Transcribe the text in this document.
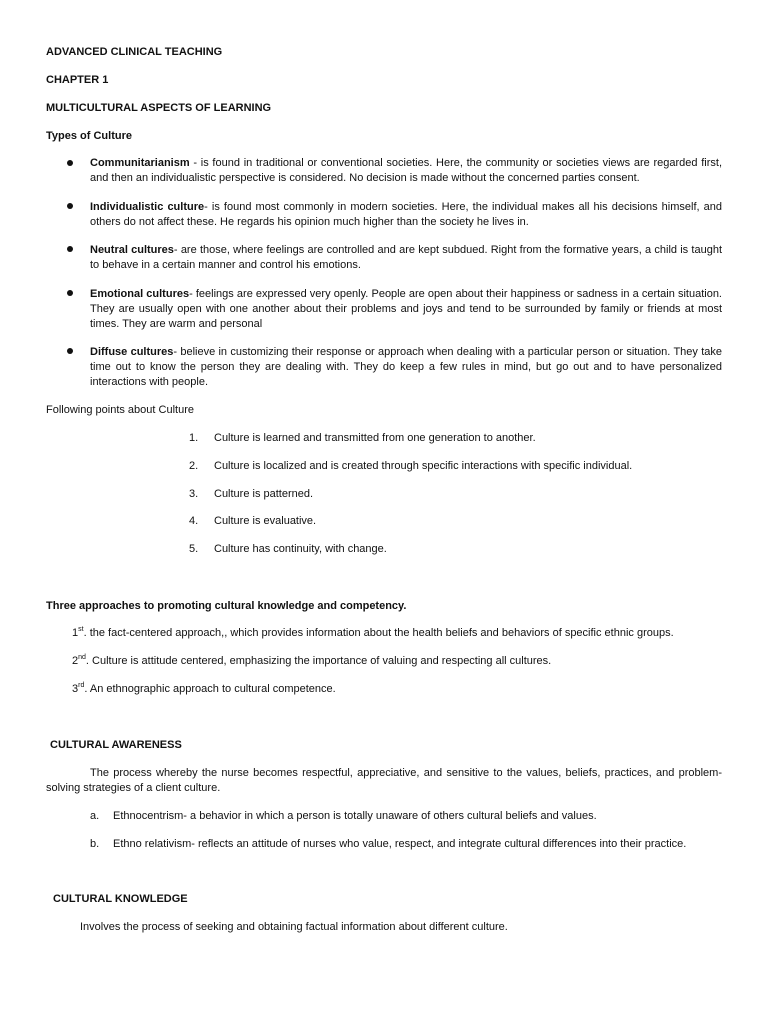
ADVANCED CLINICAL TEACHING
CHAPTER 1
MULTICULTURAL ASPECTS OF LEARNING
Types of Culture
Communitarianism - is found in traditional or conventional societies. Here, the community or societies views are regarded first, and then an individualistic perspective is considered. No decision is made without the concerned parties consent.
Individualistic culture- is found most commonly in modern societies. Here, the individual makes all his decisions himself, and others do not affect these. He regards his opinion much higher than the society he lives in.
Neutral cultures- are those, where feelings are controlled and are kept subdued. Right from the formative years, a child is taught to behave in a certain manner and control his emotions.
Emotional cultures- feelings are expressed very openly. People are open about their happiness or sadness in a certain situation. They are usually open with one another about their problems and joys and tend to be surrounded by family or friends at most times. They are warm and personal
Diffuse cultures- believe in customizing their response or approach when dealing with a particular person or situation. They take time out to know the person they are dealing with. They do keep a few rules in mind, but go out and to have personalized interactions with people.
Following points about Culture
1. Culture is learned and transmitted from one generation to another.
2. Culture is localized and is created through specific interactions with specific individual.
3. Culture is patterned.
4. Culture is evaluative.
5. Culture has continuity, with change.
Three approaches to promoting cultural knowledge and competency.
1st. the fact-centered approach,, which provides information about the health beliefs and behaviors of specific ethnic groups.
2nd. Culture is attitude centered, emphasizing the importance of valuing and respecting all cultures.
3rd. An ethnographic approach to cultural competence.
CULTURAL AWARENESS
The process whereby the nurse becomes respectful, appreciative, and sensitive to the values, beliefs, practices, and problem-solving strategies of a client culture.
a. Ethnocentrism- a behavior in which a person is totally unaware of others cultural beliefs and values.
b. Ethno relativism- reflects an attitude of nurses who value, respect, and integrate cultural differences into their practice.
CULTURAL KNOWLEDGE
Involves the process of seeking and obtaining factual information about different culture.
